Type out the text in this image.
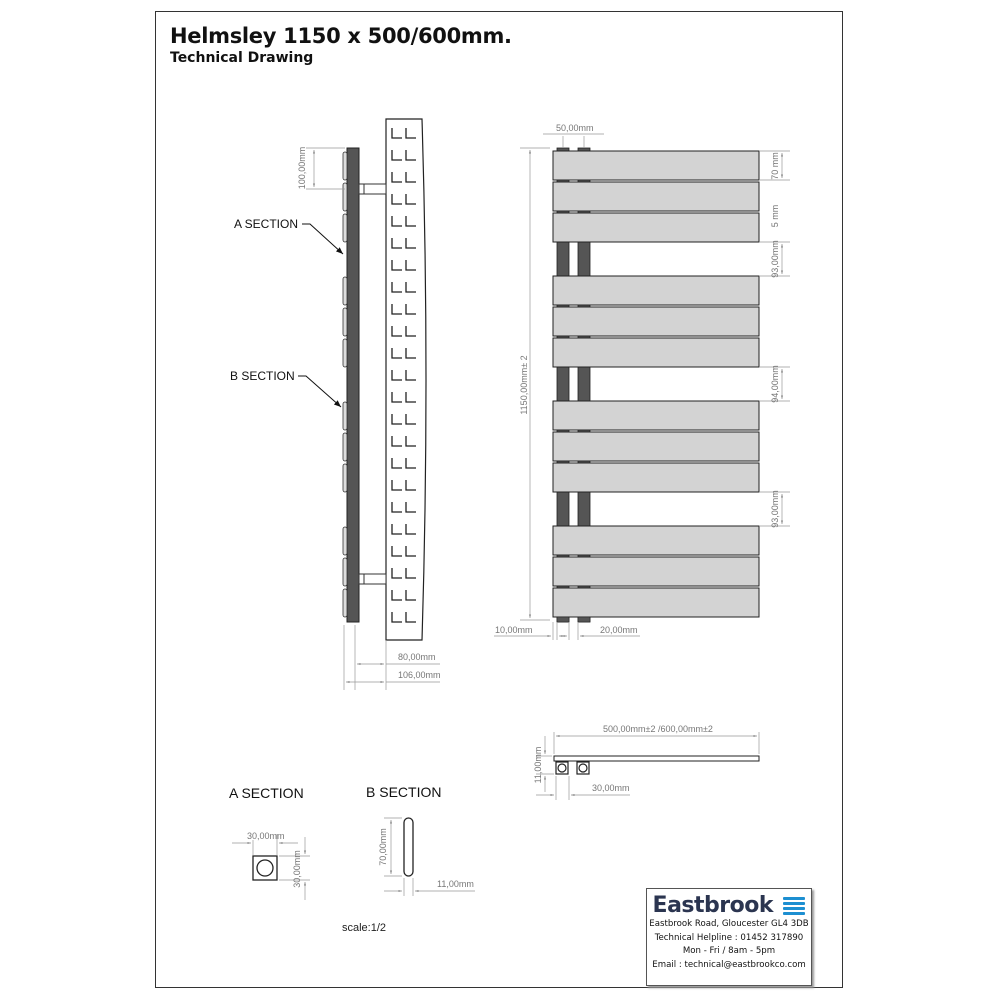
Helmsley 1150 x 500/600mm.
Technical Drawing
100,00mm
80,00mm
106,00mm
A SECTION
B SECTION
50,00mm
1150,00mm± 2
70 mm
5 mm
93,00mm
94,00mm
93,00mm
10,00mm	20,00mm
500,00mm±2 /600,00mm±2
11,00mm
30,00mm
A SECTION
30,00mm
30,00mm
B SECTION
70,00mm
11,00mm
scale:1/2
Eastbrook
Eastbrook Road, Gloucester GL4 3DB
Technical Helpline : 01452 317890
Mon - Fri / 8am - 5pm
Email : technical@eastbrookco.com
